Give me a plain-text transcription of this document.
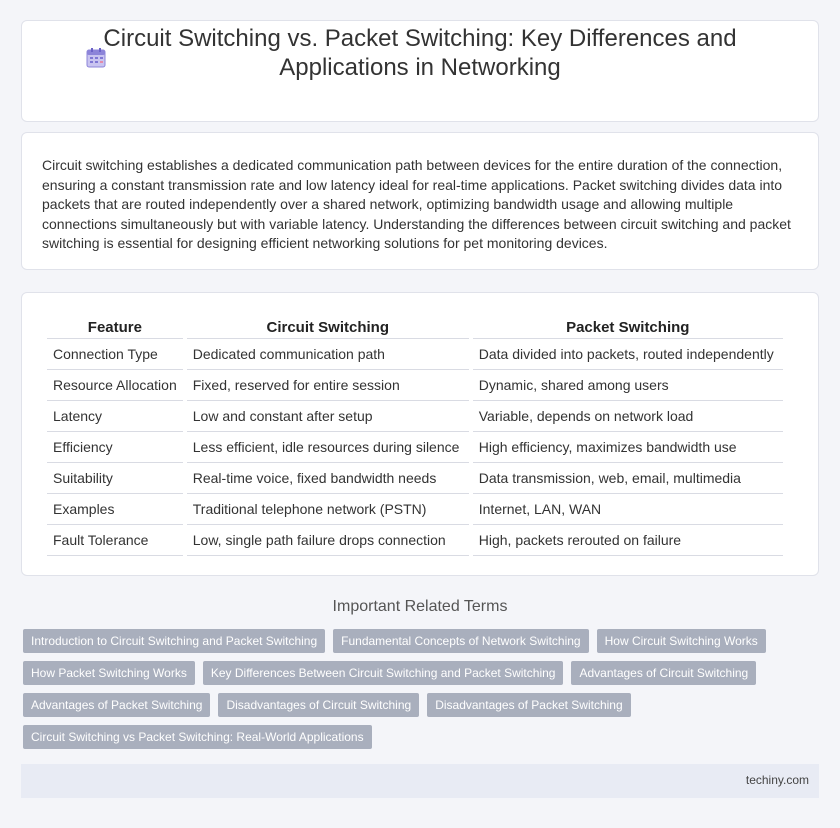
Circuit Switching vs. Packet Switching: Key Differences and
Applications in Networking

Circuit switching establishes a dedicated communication path between devices for the entire duration of the connection, ensuring a constant transmission rate and low latency ideal for real-time applications. Packet switching divides data into packets that are routed independently over a shared network, optimizing bandwidth usage and allowing multiple connections simultaneously but with variable latency. Understanding the differences between circuit switching and packet switching is essential for designing efficient networking solutions for pet monitoring devices.

Feature	Circuit Switching	Packet Switching
Connection Type	Dedicated communication path	Data divided into packets, routed independently
Resource Allocation	Fixed, reserved for entire session	Dynamic, shared among users
Latency	Low and constant after setup	Variable, depends on network load
Efficiency	Less efficient, idle resources during silence	High efficiency, maximizes bandwidth use
Suitability	Real-time voice, fixed bandwidth needs	Data transmission, web, email, multimedia
Examples	Traditional telephone network (PSTN)	Internet, LAN, WAN
Fault Tolerance	Low, single path failure drops connection	High, packets rerouted on failure
Important Related Terms
Introduction to Circuit Switching and Packet Switching	Fundamental Concepts of Network Switching	How Circuit Switching Works
How Packet Switching Works	Key Differences Between Circuit Switching and Packet Switching	Advantages of Circuit Switching
Advantages of Packet Switching	Disadvantages of Circuit Switching	Disadvantages of Packet Switching
Circuit Switching vs Packet Switching: Real-World Applications
techiny.com
